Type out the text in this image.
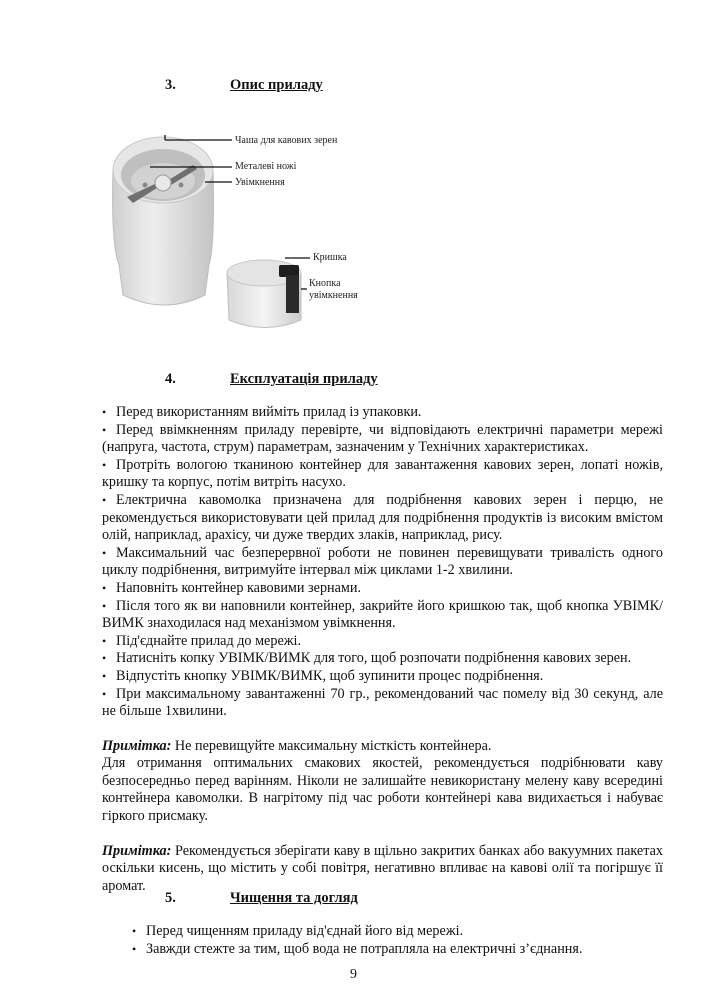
3.	Опис приладу
Чаша для кавових зерен
Металеві ножі
Увімкнення
Кришка
Кнопка
увімкнення
4.	Експлуатація приладу

• Перед використанням вийміть прилад із упаковки.

• Перед ввімкненням приладу перевірте, чи відповідають електричні параметри мережі (напруга, частота, струм) параметрам, зазначеним у Технічних характеристиках.

• Протріть вологою тканиною контейнер для завантаження кавових зерен, лопаті ножів, кришку та корпус, потім витріть насухо.

• Електрична кавомолка призначена для подрібнення кавових зерен і перцю, не рекомендується використовувати цей прилад для подрібнення продуктів із високим вмістом олій, наприклад, арахісу, чи дуже твердих злаків, наприклад, рису.

• Максимальний час безперервної роботи не повинен перевищувати тривалість одного циклу подрібнення, витримуйте інтервал між циклами 1-2 хвилини.

• Наповніть контейнер кавовими зернами.

• Після того як ви наповнили контейнер, закрийте його кришкою так, щоб кнопка УВІМК/ВИМК знаходилася над механізмом увімкнення.

• Під'єднайте прилад до мережі.

• Натисніть копку УВІМК/ВИМК для того, щоб розпочати подрібнення кавових зерен.

• Відпустіть кнопку УВІМК/ВИМК, щоб зупинити процес подрібнення.

• При максимальному завантаженні 70 гр., рекомендований час помелу від 30 секунд, але не більше 1хвилини.

Примітка: Не перевищуйте максимальну місткість контейнера.

Для отримання оптимальних смакових якостей, рекомендується подрібнювати каву безпосередньо перед варінням. Ніколи не залишайте невикористану мелену каву всередині контейнера кавомолки. В нагрітому під час роботи контейнері кава видихається і набуває гіркого присмаку.

Примітка: Рекомендується зберігати каву в щільно закритих банках або вакуумних пакетах оскільки кисень, що містить у собі повітря, негативно впливає на кавові олії та погіршує її аромат.

5.	Чищення та догляд

• Перед чищенням приладу від'єднай його від мережі.

• Завжди стежте за тим, щоб вода не потрапляла на електричні з’єднання.

9
